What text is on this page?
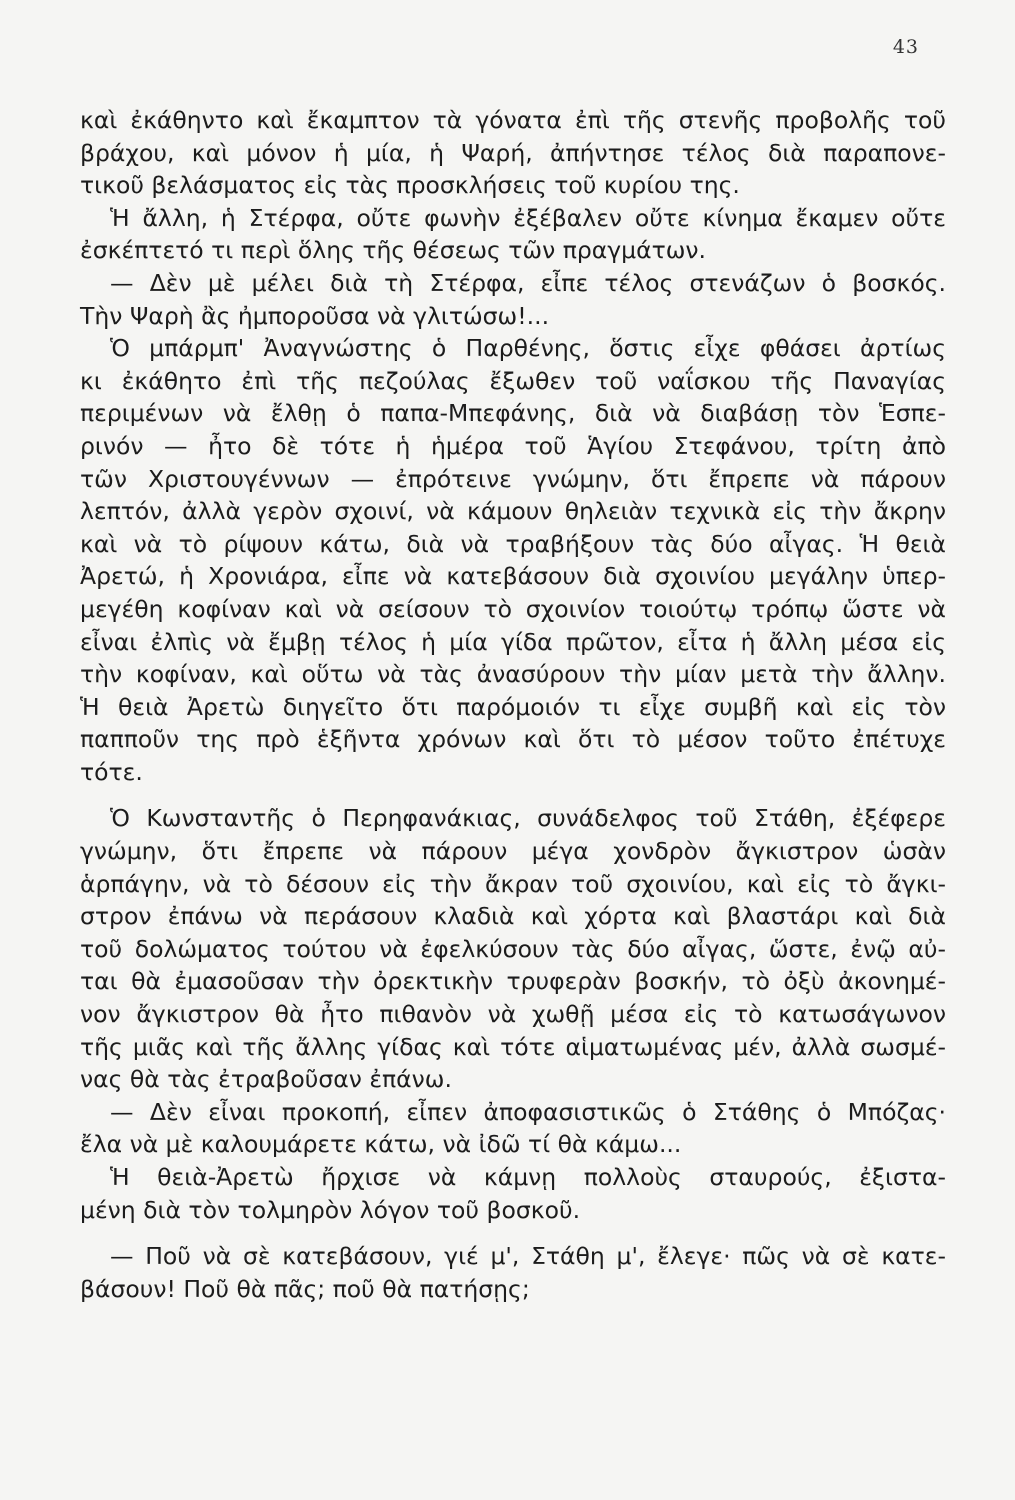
43
καὶ ἐκάθηντο καὶ ἔκαμπτον τὰ γόνατα ἐπὶ τῆς στενῆς προβολῆς τοῦ
βράχου, καὶ μόνον ἡ μία, ἡ Ψαρή, ἀπήντησε τέλος διὰ παραπονε-
τικοῦ βελάσματος εἰς τὰς προσκλήσεις τοῦ κυρίου της.
Ἡ ἄλλη, ἡ Στέρφα, οὔτε φωνὴν ἐξέβαλεν οὔτε κίνημα ἔκαμεν οὔτε
ἐσκέπτετό τι περὶ ὅλης τῆς θέσεως τῶν πραγμάτων.
— Δὲν μὲ μέλει διὰ τὴ Στέρφα, εἶπε τέλος στενάζων ὁ βοσκός.
Τὴν Ψαρὴ ἂς ἠμποροῦσα νὰ γλιτώσω!...
Ὁ μπάρμπ' Ἀναγνώστης ὁ Παρθένης, ὅστις εἶχε φθάσει ἀρτίως
κι ἐκάθητο ἐπὶ τῆς πεζούλας ἔξωθεν τοῦ ναΐσκου τῆς Παναγίας
περιμένων νὰ ἔλθῃ ὁ παπα-Μπεφάνης, διὰ νὰ διαβάσῃ τὸν Ἑσπε-
ρινόν — ἦτο δὲ τότε ἡ ἡμέρα τοῦ Ἁγίου Στεφάνου, τρίτη ἀπὸ
τῶν Χριστουγέννων — ἐπρότεινε γνώμην, ὅτι ἔπρεπε νὰ πάρουν
λεπτόν, ἀλλὰ γερὸν σχοινί, νὰ κάμουν θηλειὰν τεχνικὰ εἰς τὴν ἄκρην
καὶ νὰ τὸ ρίψουν κάτω, διὰ νὰ τραβήξουν τὰς δύο αἶγας. Ἡ θειὰ
Ἀρετώ, ἡ Χρονιάρα, εἶπε νὰ κατεβάσουν διὰ σχοινίου μεγάλην ὑπερ-
μεγέθη κοφίναν καὶ νὰ σείσουν τὸ σχοινίον τοιούτῳ τρόπῳ ὥστε νὰ
εἶναι ἐλπὶς νὰ ἔμβῃ τέλος ἡ μία γίδα πρῶτον, εἶτα ἡ ἄλλη μέσα εἰς
τὴν κοφίναν, καὶ οὕτω νὰ τὰς ἀνασύρουν τὴν μίαν μετὰ τὴν ἄλλην.
Ἡ θειὰ Ἀρετὼ διηγεῖτο ὅτι παρόμοιόν τι εἶχε συμβῆ καὶ εἰς τὸν
παπποῦν της πρὸ ἑξῆντα χρόνων καὶ ὅτι τὸ μέσον τοῦτο ἐπέτυχε
τότε.
Ὁ Κωνσταντῆς ὁ Περηφανάκιας, συνάδελφος τοῦ Στάθη, ἐξέφερε
γνώμην, ὅτι ἔπρεπε νὰ πάρουν μέγα χονδρὸν ἄγκιστρον ὡσὰν
ἁρπάγην, νὰ τὸ δέσουν εἰς τὴν ἄκραν τοῦ σχοινίου, καὶ εἰς τὸ ἄγκι-
στρον ἐπάνω νὰ περάσουν κλαδιὰ καὶ χόρτα καὶ βλαστάρι καὶ διὰ
τοῦ δολώματος τούτου νὰ ἐφελκύσουν τὰς δύο αἶγας, ὥστε, ἐνῷ αὐ-
ται θὰ ἐμασοῦσαν τὴν ὀρεκτικὴν τρυφερὰν βοσκήν, τὸ ὀξὺ ἀκονημέ-
νον ἄγκιστρον θὰ ἦτο πιθανὸν νὰ χωθῇ μέσα εἰς τὸ κατωσάγωνον
τῆς μιᾶς καὶ τῆς ἄλλης γίδας καὶ τότε αἱματωμένας μέν, ἀλλὰ σωσμέ-
νας θὰ τὰς ἐτραβοῦσαν ἐπάνω.
— Δὲν εἶναι προκοπή, εἶπεν ἀποφασιστικῶς ὁ Στάθης ὁ Μπόζας·
ἔλα νὰ μὲ καλουμάρετε κάτω, νὰ ἰδῶ τί θὰ κάμω...
Ἡ θειὰ-Ἀρετὼ ἤρχισε νὰ κάμνῃ πολλοὺς σταυρούς, ἐξιστα-
μένη διὰ τὸν τολμηρὸν λόγον τοῦ βοσκοῦ.
— Ποῦ νὰ σὲ κατεβάσουν, γιέ μ', Στάθη μ', ἔλεγε· πῶς νὰ σὲ κατε-
βάσουν! Ποῦ θὰ πᾶς; ποῦ θὰ πατήσῃς;
